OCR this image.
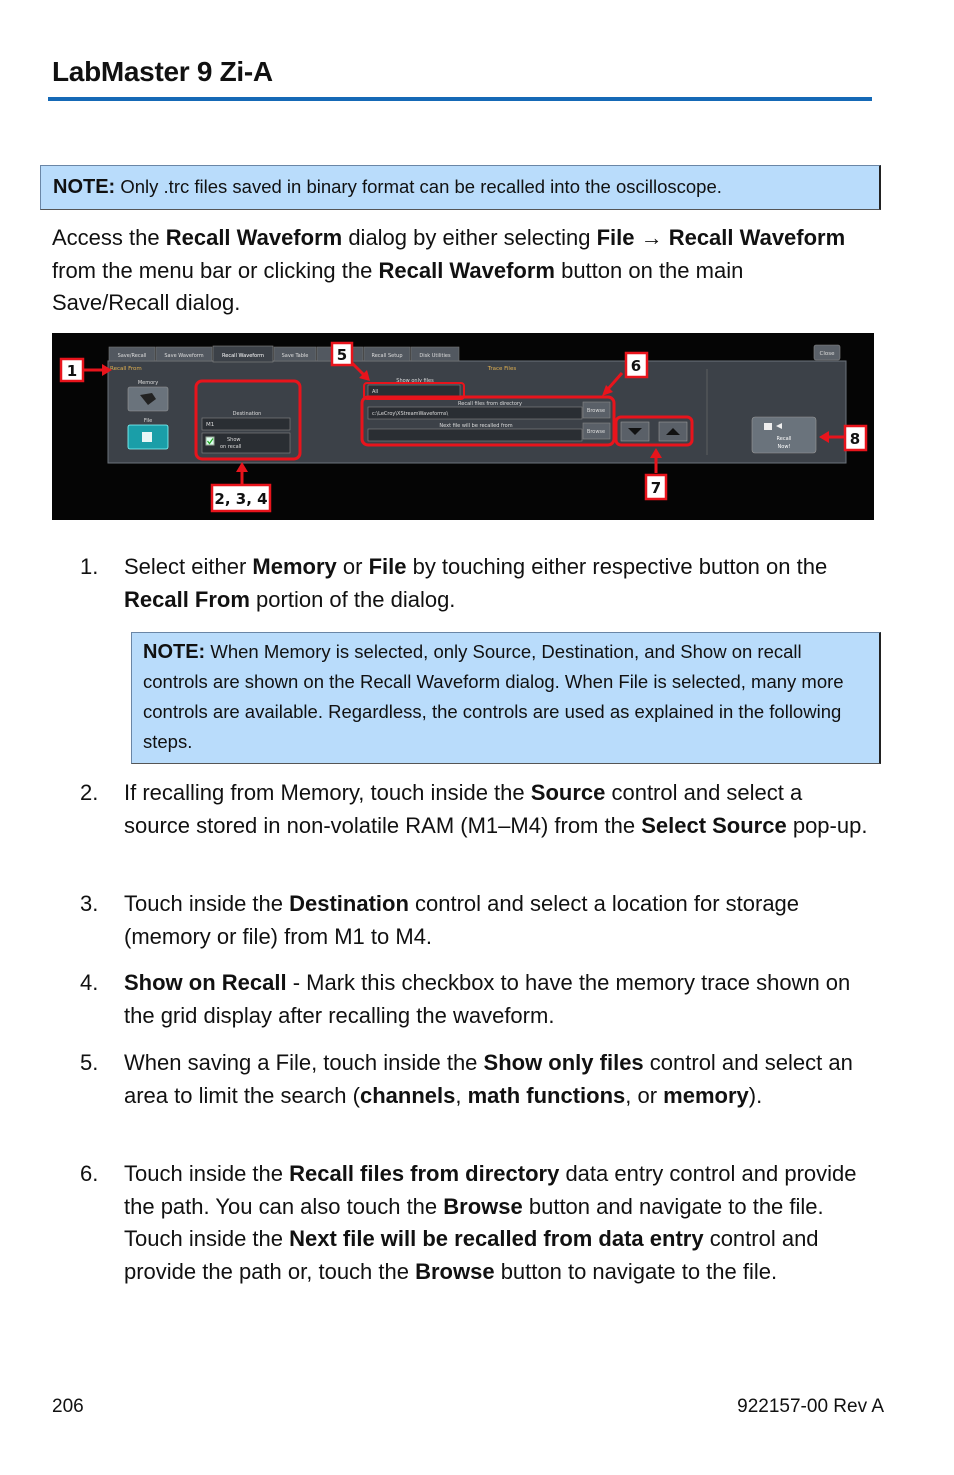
LabMaster 9 Zi-A
NOTE: Only .trc files saved in binary format can be recalled into the oscilloscope.
Access the Recall Waveform dialog by either selecting File → Recall Waveform from the menu bar or clicking the Recall Waveform button on the main Save/Recall dialog.
Save/Recall	Save Waveform	Recall Waveform	Save Table	Recall Setup	Disk Utilities	Close
Recall From
Memory
File
Destination
M1
Show
on recall
Trace Files
Show only files
All
Recall files from directory
c:\LeCroy\XStreamWaveforms\	Browse
Next file will be recalled from
Browse
Recall
Now!
1
2, 3, 4
5
6
7
8
1.	Select either Memory or File by touching either respective button on the Recall From portion of the dialog.
2.	If recalling from Memory, touch inside the Source control and select a source stored in non-volatile RAM (M1–M4) from the Select Source pop-up.
3.	Touch inside the Destination control and select a location for storage (memory or file) from M1 to M4.
4.	Show on Recall - Mark this checkbox to have the memory trace shown on the grid display after recalling the waveform.
5.	When saving a File, touch inside the Show only files control and select an area to limit the search (channels, math functions, or memory).
6.	Touch inside the Recall files from directory data entry control and provide the path. You can also touch the Browse button and navigate to the file. Touch inside the Next file will be recalled from data entry control and provide the path or, touch the Browse button to navigate to the file.
NOTE: When Memory is selected, only Source, Destination, and Show on recall controls are shown on the Recall Waveform dialog. When File is selected, many more controls are available. Regardless, the controls are used as explained in the following steps.
206	922157-00 Rev A
